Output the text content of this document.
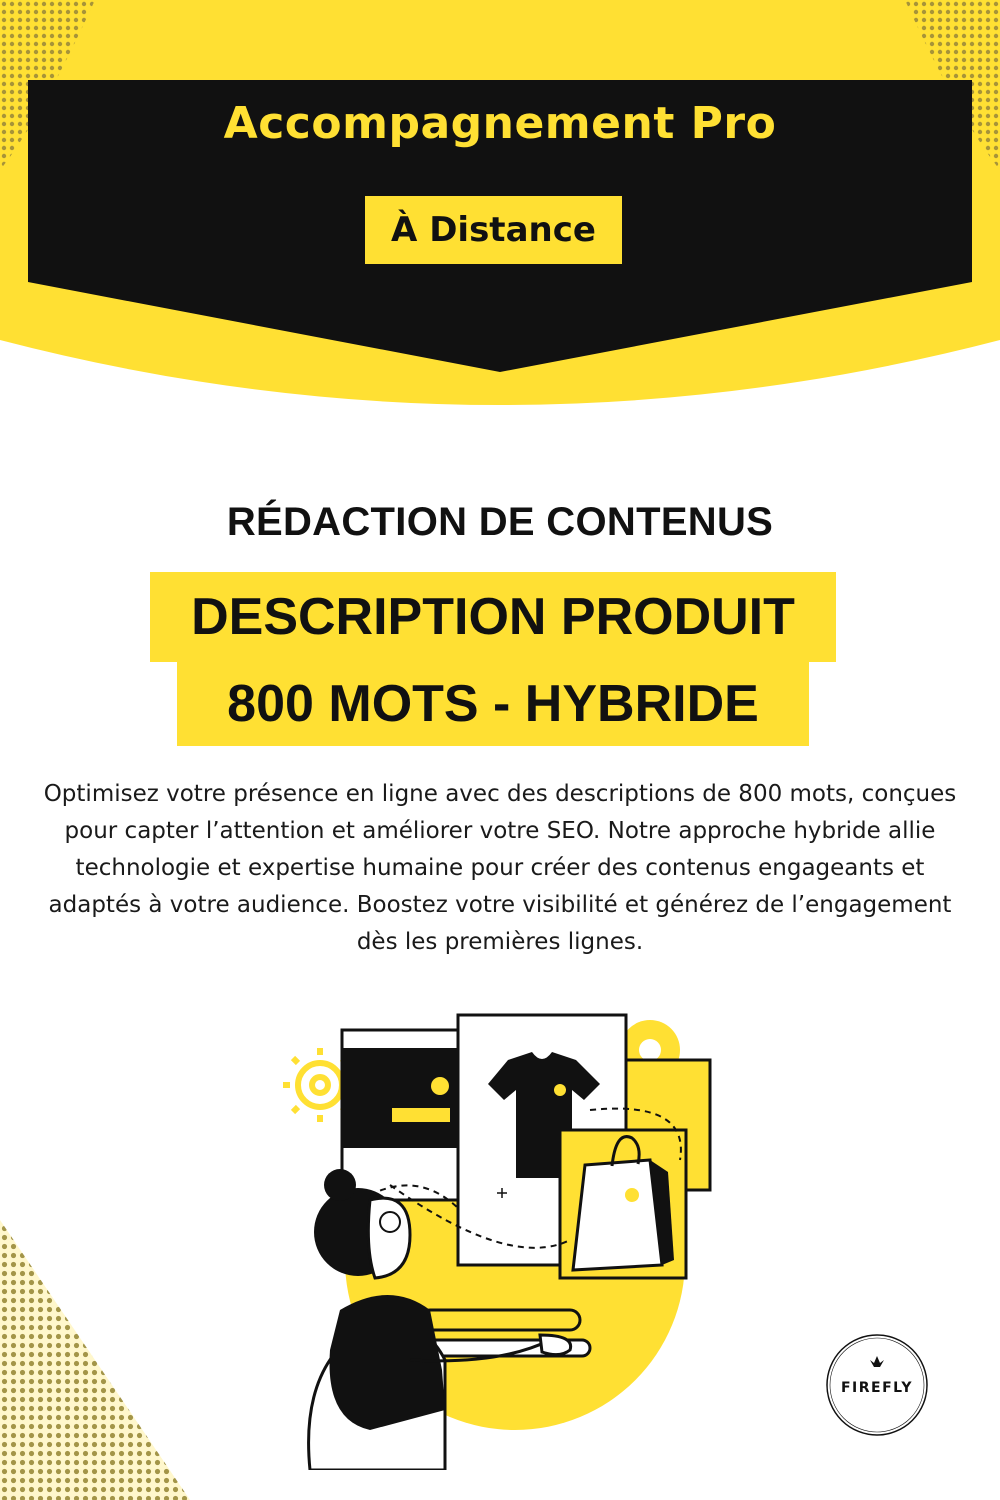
Accompagnement Pro
À Distance
RÉDACTION DE CONTENUS
DESCRIPTION PRODUIT
800 MOTS - HYBRIDE
Optimisez votre présence en ligne avec des descriptions de 800 mots, conçues pour capter l’attention et améliorer votre SEO. Notre approche hybride allie technologie et expertise humaine pour créer des contenus engageants et adaptés à votre audience. Boostez votre visibilité et générez de l’engagement dès les premières lignes.
FIREFLY
